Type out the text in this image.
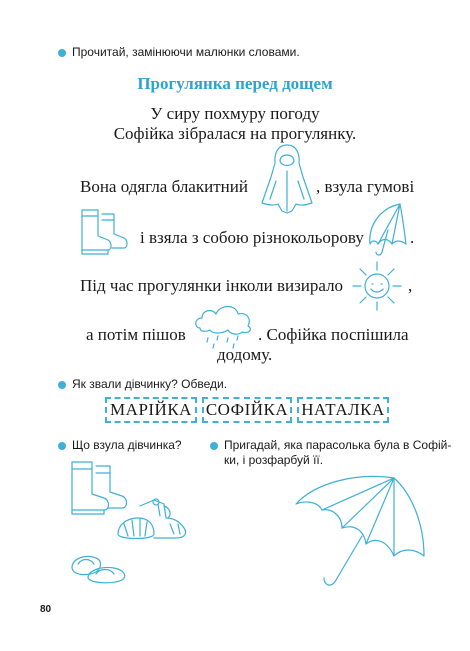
Прочитай, замінюючи малюнки словами.
Прогулянка перед дощем
У сиру похмуру погоду
Софійка зібралася на прогулянку.
Вона одягла блакитний	, взула гумові
і взяла з собою різнокольорову	.
Під час прогулянки інколи визирало	,
а потім пішов	. Софійка поспішила
додому.
Як звали дівчинку? Обведи.
МАРІЙКА СОФІЙКА НАТАЛКА
Що взула дівчинка?	Пригадай, яка парасолька була в Софій-
ки, і розфарбуй її.
80
